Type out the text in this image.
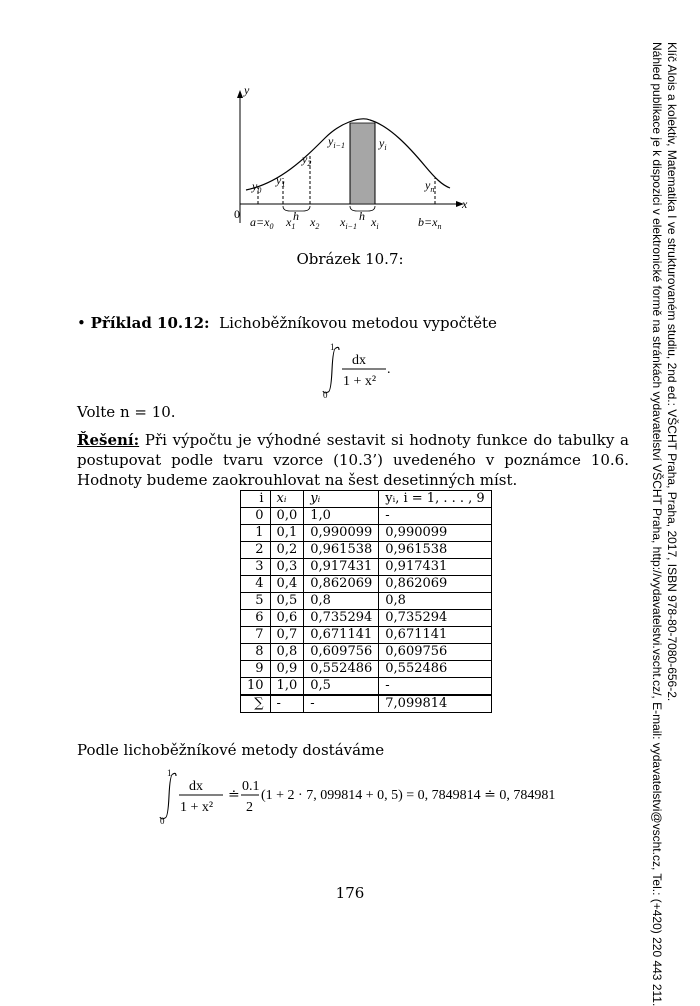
y
x
0
$y_0$
$y_1$
$y_2$
$y_{i-1}$	$y_i$
$y_n$
h	h
$a=x_0$ $x_1$ $x_2$ $x_{i-1}$ $x_i$	$b=x_n$
Obrázek 10.7:
• Příklad 10.12: Lichoběžníkovou metodou vypočtěte
1
0
dx
1 + x²
.
Volte n = 10.
Řešení: Při výpočtu je výhodné sestavit si hodnoty funkce do tabulky a postupovat podle tvaru vzorce (10.3’) uvedeného v poznámce 10.6. Hodnoty budeme zaokrouhlovat na šest desetinných míst.
i	xᵢ	yᵢ	yᵢ, i = 1, . . . , 9
0	0,0	1,0	-
1	0,1	0,990099	0,990099
2	0,2	0,961538	0,961538
3	0,3	0,917431	0,917431
4	0,4	0,862069	0,862069
5	0,5	0,8	0,8
6	0,6	0,735294	0,735294
7	0,7	0,671141	0,671141
8	0,8	0,609756	0,609756
9	0,9	0,552486	0,552486
10	1,0	0,5	-
∑	-	-	7,099814
Podle lichoběžníkové metody dostáváme
1
0
dx
1 + x²
≐
0.1
2
(1 + 2 · 7, 099814 + 0, 5) = 0, 7849814 ≐ 0, 784981
176
Klíč Alois a kolektiv, Matematika I ve strukturovaném studiu, 2nd ed.: VŠCHT Praha, Praha, 2017, ISBN 978-80-7080-656-2.
Náhled publikace je k dispozici v elektronické formě na stránkách vydavatelství VŠCHT Praha, http://vydavatelstvi.vscht.cz/, E-mail: vydavatelstvi@vscht.cz, Tel.: (+420) 220 443 211.
